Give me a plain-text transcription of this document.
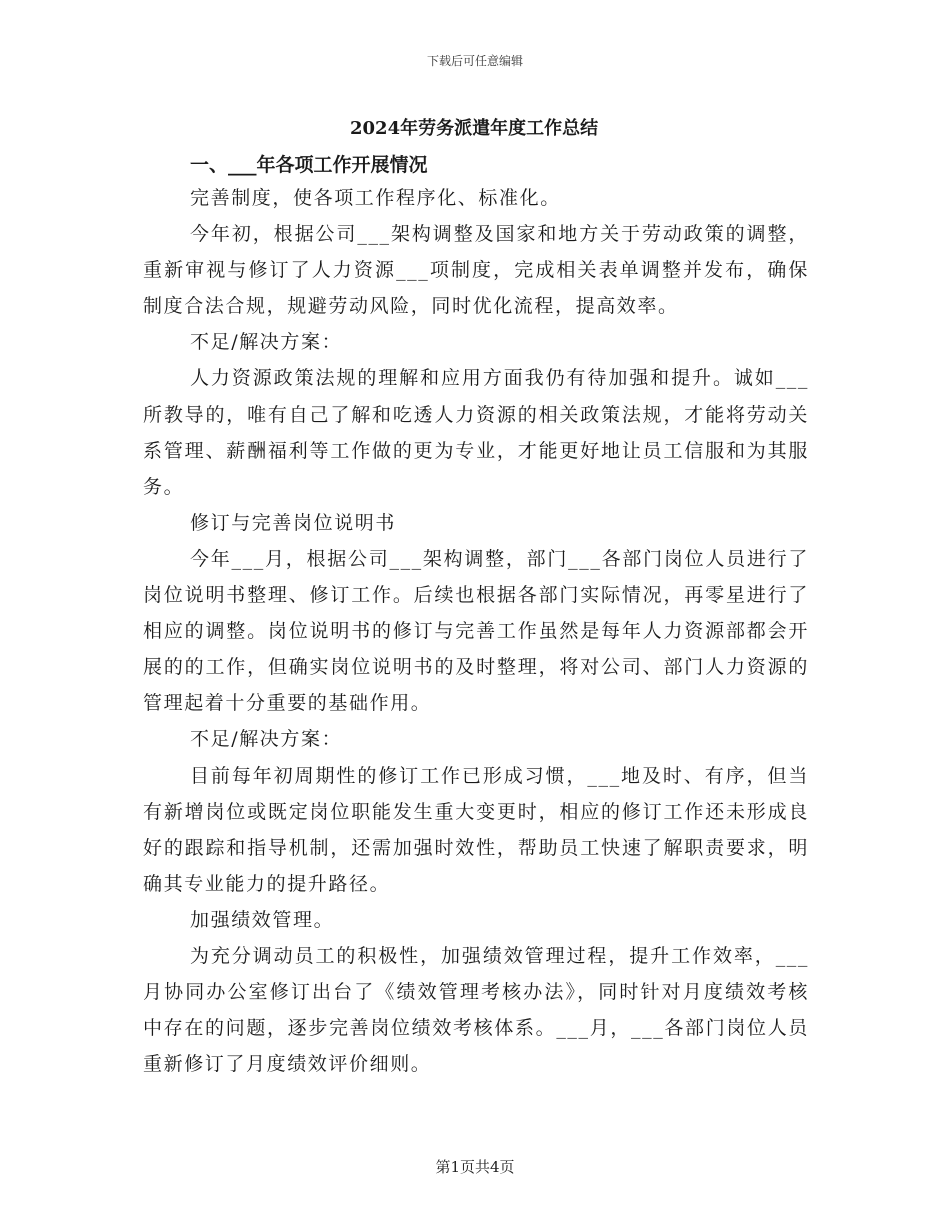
下载后可任意编辑
2024年劳务派遣年度工作总结
一、___年各项工作开展情况

完善制度，使各项工作程序化、标准化。

今年初，根据公司___架构调整及国家和地方关于劳动政策的调整，重新审视与修订了人力资源___项制度，完成相关表单调整并发布，确保制度合法合规，规避劳动风险，同时优化流程，提高效率。

不足/解决方案：

人力资源政策法规的理解和应用方面我仍有待加强和提升。诚如___所教导的，唯有自己了解和吃透人力资源的相关政策法规，才能将劳动关系管理、薪酬福利等工作做的更为专业，才能更好地让员工信服和为其服务。

修订与完善岗位说明书

今年___月，根据公司___架构调整，部门___各部门岗位人员进行了岗位说明书整理、修订工作。后续也根据各部门实际情况，再零星进行了相应的调整。岗位说明书的修订与完善工作虽然是每年人力资源部都会开展的的工作，但确实岗位说明书的及时整理，将对公司、部门人力资源的管理起着十分重要的基础作用。

不足/解决方案：

目前每年初周期性的修订工作已形成习惯，___地及时、有序，但当有新增岗位或既定岗位职能发生重大变更时，相应的修订工作还未形成良好的跟踪和指导机制，还需加强时效性，帮助员工快速了解职责要求，明确其专业能力的提升路径。

加强绩效管理。

为充分调动员工的积极性，加强绩效管理过程，提升工作效率，___月协同办公室修订出台了《绩效管理考核办法》，同时针对月度绩效考核中存在的问题，逐步完善岗位绩效考核体系。___月，___各部门岗位人员重新修订了月度绩效评价细则。

第1页共4页
